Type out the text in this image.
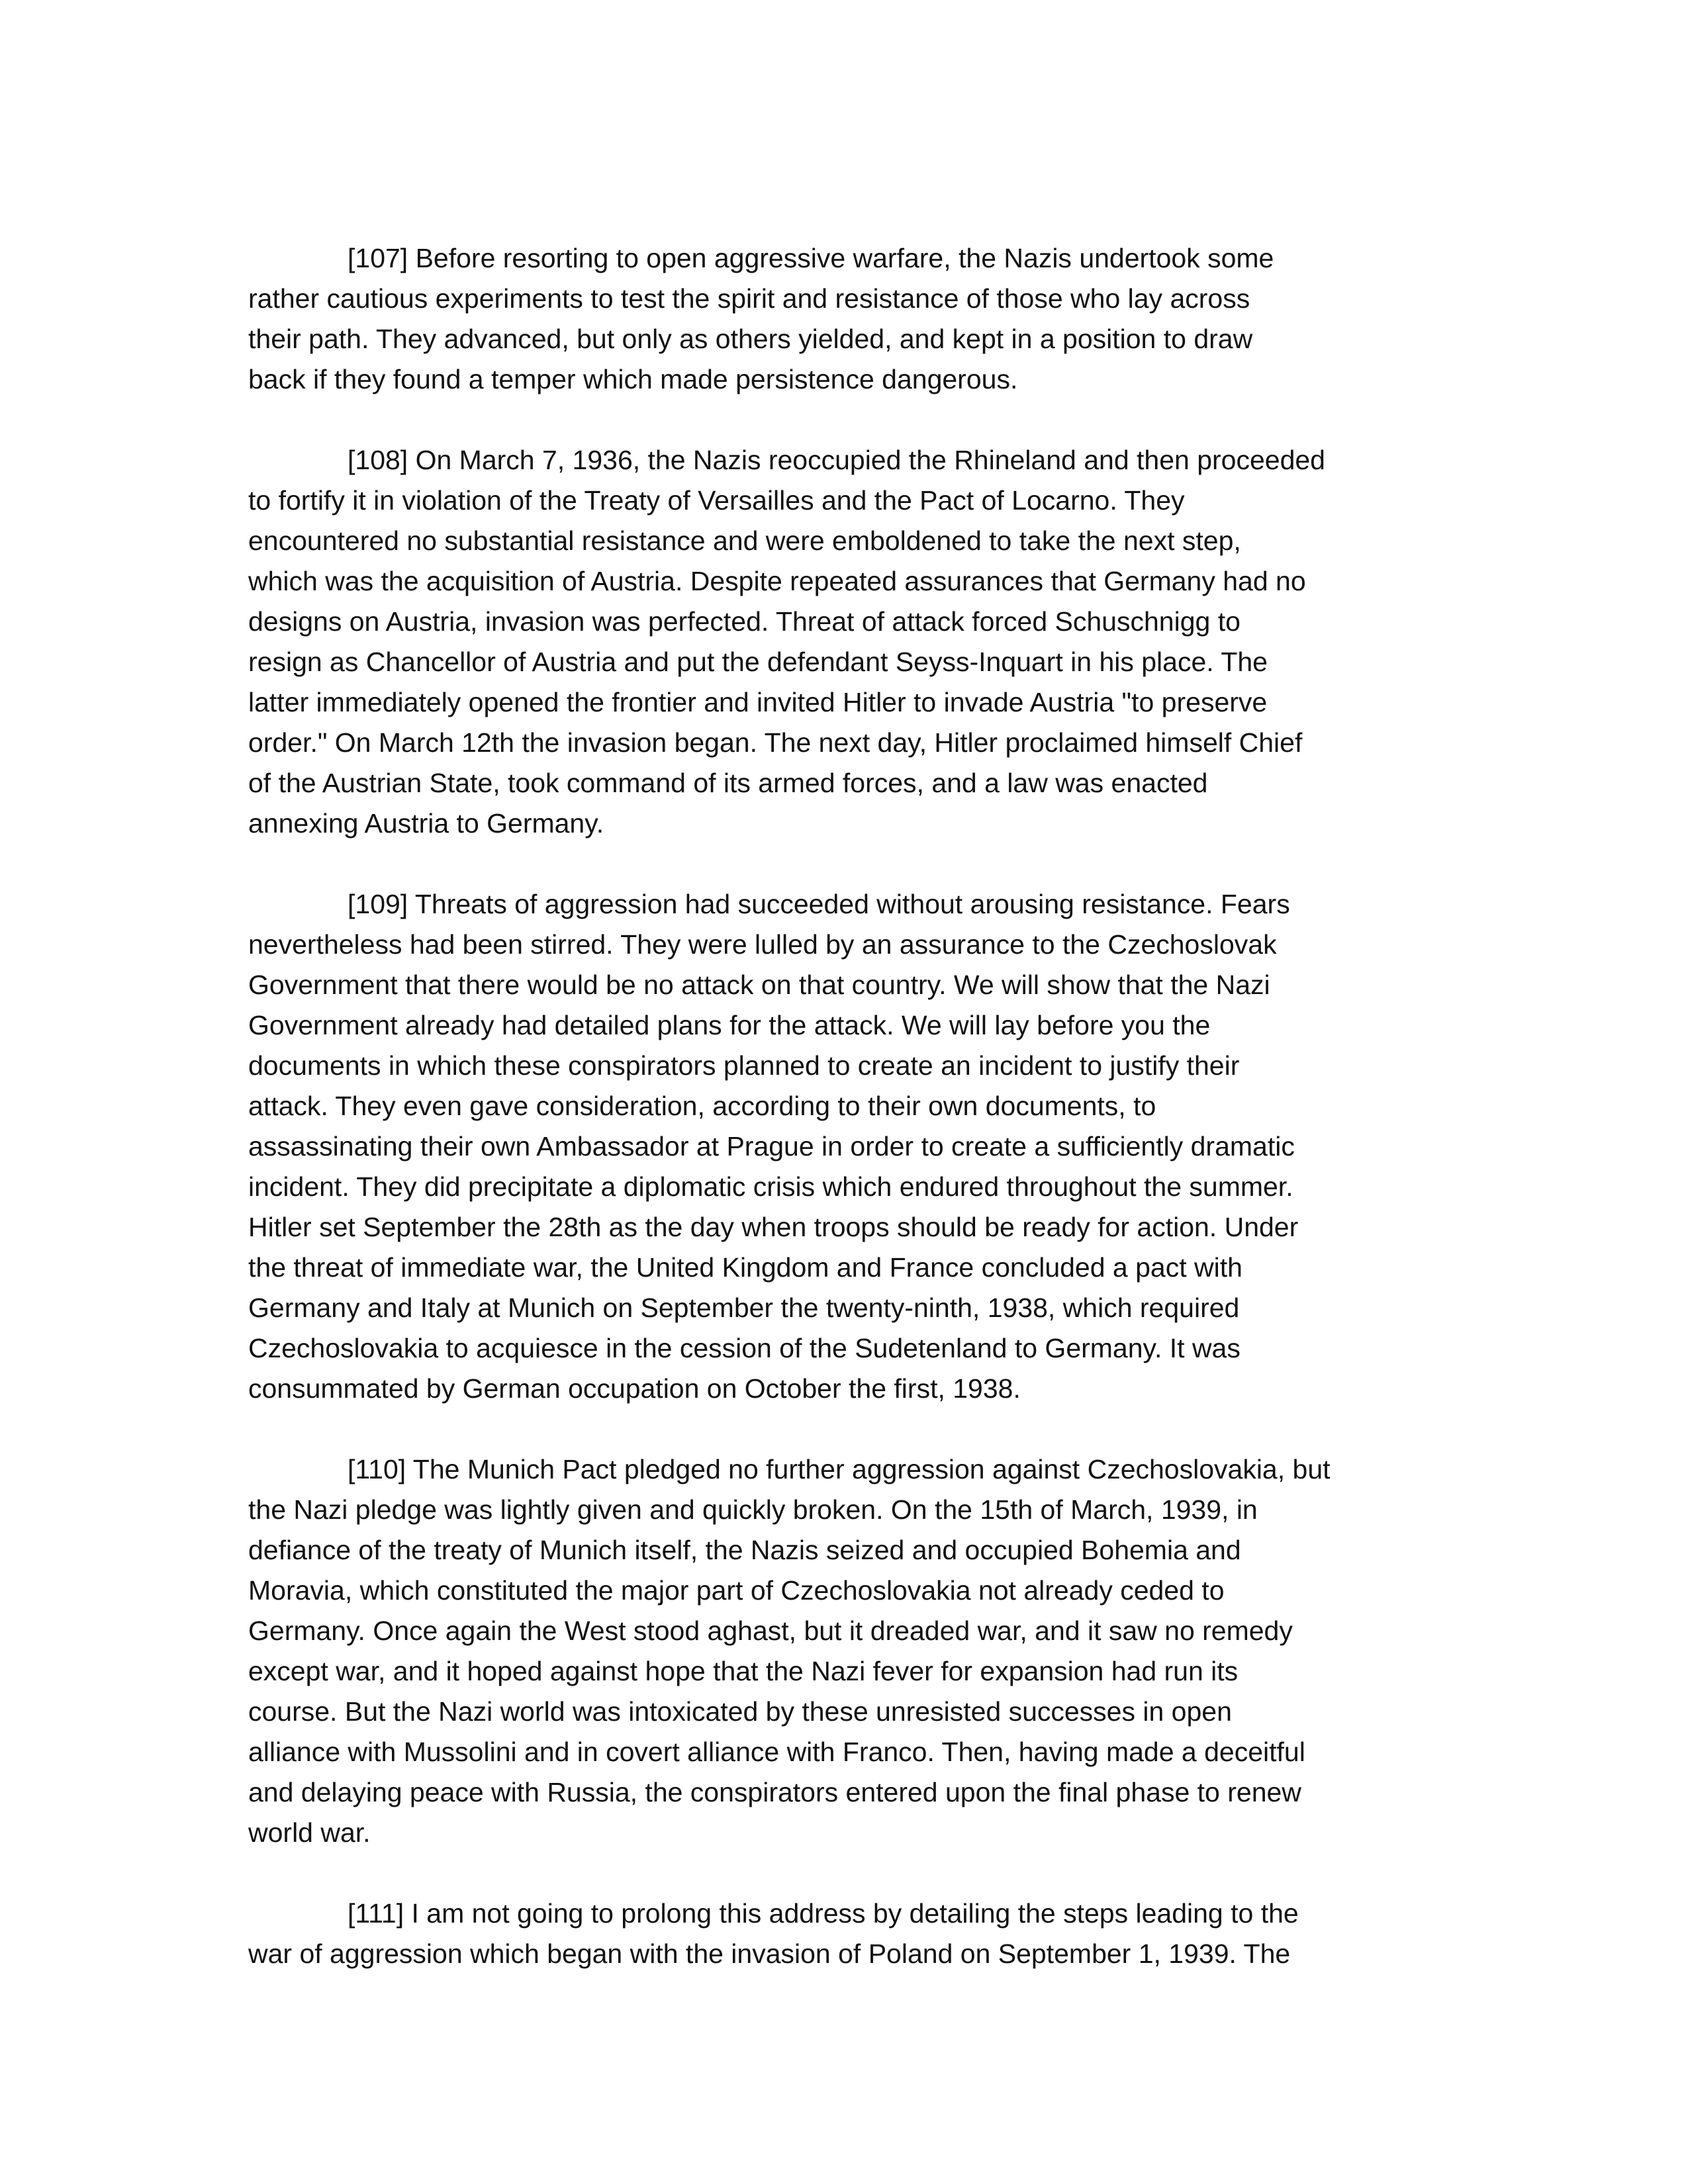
[107] Before resorting to open aggressive warfare, the Nazis undertook some
rather cautious experiments to test the spirit and resistance of those who lay across
their path. They advanced, but only as others yielded, and kept in a position to draw
back if they found a temper which made persistence dangerous.
[108] On March 7, 1936, the Nazis reoccupied the Rhineland and then proceeded
to fortify it in violation of the Treaty of Versailles and the Pact of Locarno. They
encountered no substantial resistance and were emboldened to take the next step,
which was the acquisition of Austria. Despite repeated assurances that Germany had no
designs on Austria, invasion was perfected. Threat of attack forced Schuschnigg to
resign as Chancellor of Austria and put the defendant Seyss-Inquart in his place. The
latter immediately opened the frontier and invited Hitler to invade Austria "to preserve
order." On March 12th the invasion began. The next day, Hitler proclaimed himself Chief
of the Austrian State, took command of its armed forces, and a law was enacted
annexing Austria to Germany.
[109] Threats of aggression had succeeded without arousing resistance. Fears
nevertheless had been stirred. They were lulled by an assurance to the Czechoslovak
Government that there would be no attack on that country. We will show that the Nazi
Government already had detailed plans for the attack. We will lay before you the
documents in which these conspirators planned to create an incident to justify their
attack. They even gave consideration, according to their own documents, to
assassinating their own Ambassador at Prague in order to create a sufficiently dramatic
incident. They did precipitate a diplomatic crisis which endured throughout the summer.
Hitler set September the 28th as the day when troops should be ready for action. Under
the threat of immediate war, the United Kingdom and France concluded a pact with
Germany and Italy at Munich on September the twenty-ninth, 1938, which required
Czechoslovakia to acquiesce in the cession of the Sudetenland to Germany. It was
consummated by German occupation on October the first, 1938.
[110] The Munich Pact pledged no further aggression against Czechoslovakia, but
the Nazi pledge was lightly given and quickly broken. On the 15th of March, 1939, in
defiance of the treaty of Munich itself, the Nazis seized and occupied Bohemia and
Moravia, which constituted the major part of Czechoslovakia not already ceded to
Germany. Once again the West stood aghast, but it dreaded war, and it saw no remedy
except war, and it hoped against hope that the Nazi fever for expansion had run its
course. But the Nazi world was intoxicated by these unresisted successes in open
alliance with Mussolini and in covert alliance with Franco. Then, having made a deceitful
and delaying peace with Russia, the conspirators entered upon the final phase to renew
world war.
[111] I am not going to prolong this address by detailing the steps leading to the
war of aggression which began with the invasion of Poland on September 1, 1939. The
